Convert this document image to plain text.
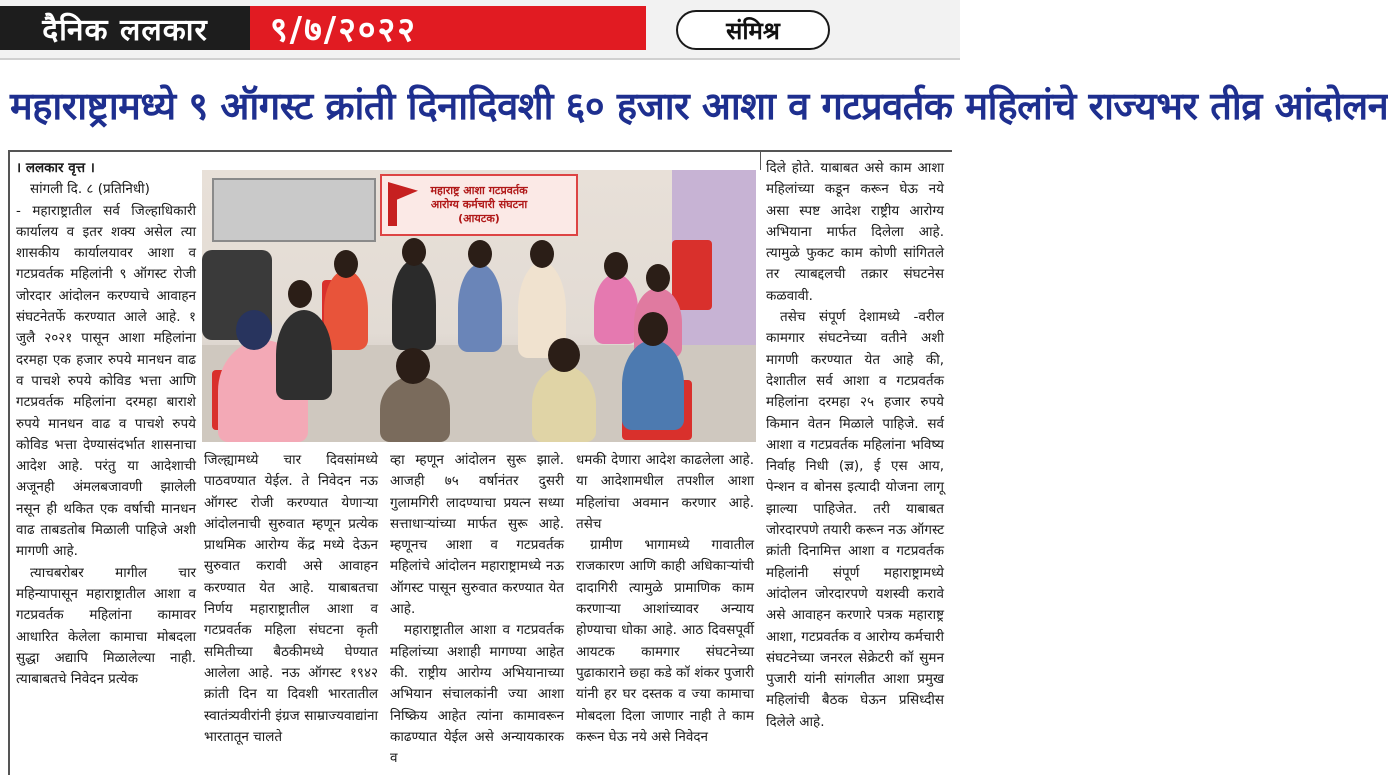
दैनिक ललकार ९/७/२०२२	संमिश्र
महाराष्ट्रामध्ये ९ ऑगस्ट क्रांती दिनादिवशी ६० हजार आशा व गटप्रवर्तक महिलांचे राज्यभर तीव्र आंदोलन

। ललकार वृत्त ।

सांगली दि. ८ (प्रतिनिधी)

- महाराष्ट्रातील सर्व जिल्हाधिकारी कार्यालय व इतर शक्य असेल त्या शासकीय कार्यालयावर आशा व गटप्रवर्तक महिलांनी ९ ऑगस्ट रोजी जोरदार आंदोलन करण्याचे आवाहन संघटनेतर्फे करण्यात आले आहे. १ जुलै २०२१ पासून आशा महिलांना दरमहा एक हजार रुपये मानधन वाढ व पाचशे रुपये कोविड भत्ता आणि गटप्रवर्तक महिलांना दरमहा बाराशे रुपये मानधन वाढ व पाचशे रुपये कोविड भत्ता देण्यासंदर्भात शासनाचा आदेश आहे. परंतु या आदेशाची अजूनही अंमलबजावणी झालेली नसून ही थकित एक वर्षाची मानधन वाढ ताबडतोब मिळाली पाहिजे अशी मागणी आहे.

त्याचबरोबर मागील चार महिन्यापासून महाराष्ट्रातील आशा व गटप्रवर्तक महिलांना कामावर आधारित केलेला कामाचा मोबदला सुद्धा अद्यापि मिळालेल्या नाही. त्याबाबतचे निवेदन प्रत्येक

महाराष्ट्र आशा गटप्रवर्तक
आरोग्य कर्मचारी संघटना
(आयटक)

जिल्ह्यामध्ये चार दिवसांमध्ये पाठवण्यात येईल. ते निवेदन नऊ ऑगस्ट रोजी करण्यात येणाऱ्या आंदोलनाची सुरुवात म्हणून प्रत्येक प्राथमिक आरोग्य केंद्र मध्ये देऊन सुरुवात करावी असे आवाहन करण्यात येत आहे. याबाबतचा निर्णय महाराष्ट्रातील आशा व गटप्रवर्तक महिला संघटना कृती समितीच्या बैठकीमध्ये घेण्यात आलेला आहे. नऊ ऑगस्ट १९४२ क्रांती दिन या दिवशी भारतातील स्वातंत्र्यवीरांनी इंग्रज साम्राज्यवाद्यांना भारतातून चालते

व्हा म्हणून आंदोलन सुरू झाले. आजही ७५ वर्षानंतर दुसरी गुलामगिरी लादण्याचा प्रयत्न सध्या सत्ताधाऱ्यांच्या मार्फत सुरू आहे. म्हणूनच आशा व गटप्रवर्तक महिलांचे आंदोलन महाराष्ट्रामध्ये नऊ ऑगस्ट पासून सुरुवात करण्यात येत आहे.

महाराष्ट्रातील आशा व गटप्रवर्तक महिलांच्या अशाही मागण्या आहेत की. राष्ट्रीय आरोग्य अभियानाच्या अभियान संचालकांनी ज्या आशा निष्क्रिय आहेत त्यांना कामावरून काढण्यात येईल असे अन्यायकारक व

धमकी देणारा आदेश काढलेला आहे. या आदेशामधील तपशील आशा महिलांचा अवमान करणार आहे. तसेच

ग्रामीण भागामध्ये गावातील राजकारण आणि काही अधिकाऱ्यांची दादागिरी त्यामुळे प्रामाणिक काम करणाऱ्या आशांच्यावर अन्याय होण्याचा धोका आहे. आठ दिवसपूर्वी आयटक कामगार संघटनेच्या पुढाकाराने छ्हा कडे कॉ शंकर पुजारी यांनी हर घर दस्तक व ज्या कामाचा मोबदला दिला जाणार नाही ते काम करून घेऊ नये असे निवेदन

दिले होते. याबाबत असे काम आशा महिलांच्या कडून करून घेऊ नये असा स्पष्ट आदेश राष्ट्रीय आरोग्य अभियाना मार्फत दिलेला आहे. त्यामुळे फुकट काम कोणी सांगितले तर त्याबद्दलची तक्रार संघटनेस कळवावी.

तसेच संपूर्ण देशामध्ये -वरील कामगार संघटनेच्या वतीने अशी मागणी करण्यात येत आहे की, देशातील सर्व आशा व गटप्रवर्तक महिलांना दरमहा २५ हजार रुपये किमान वेतन मिळाले पाहिजे. सर्व आशा व गटप्रवर्तक महिलांना भविष्य निर्वाह निधी (ज्ञ्र), ई एस आय, पेन्शन व बोनस इत्यादी योजना लागू झाल्या पाहिजेत. तरी याबाबत जोरदारपणे तयारी करून नऊ ऑगस्ट क्रांती दिनामित्त आशा व गटप्रवर्तक महिलांनी संपूर्ण महाराष्ट्रामध्ये आंदोलन जोरदारपणे यशस्वी करावे असे आवाहन करणारे पत्रक महाराष्ट्र आशा, गटप्रवर्तक व आरोग्य कर्मचारी संघटनेच्या जनरल सेक्रेटरी कॉ सुमन पुजारी यांनी सांगलीत आशा प्रमुख महिलांची बैठक घेऊन प्रसिध्दीस दिलेले आहे.
